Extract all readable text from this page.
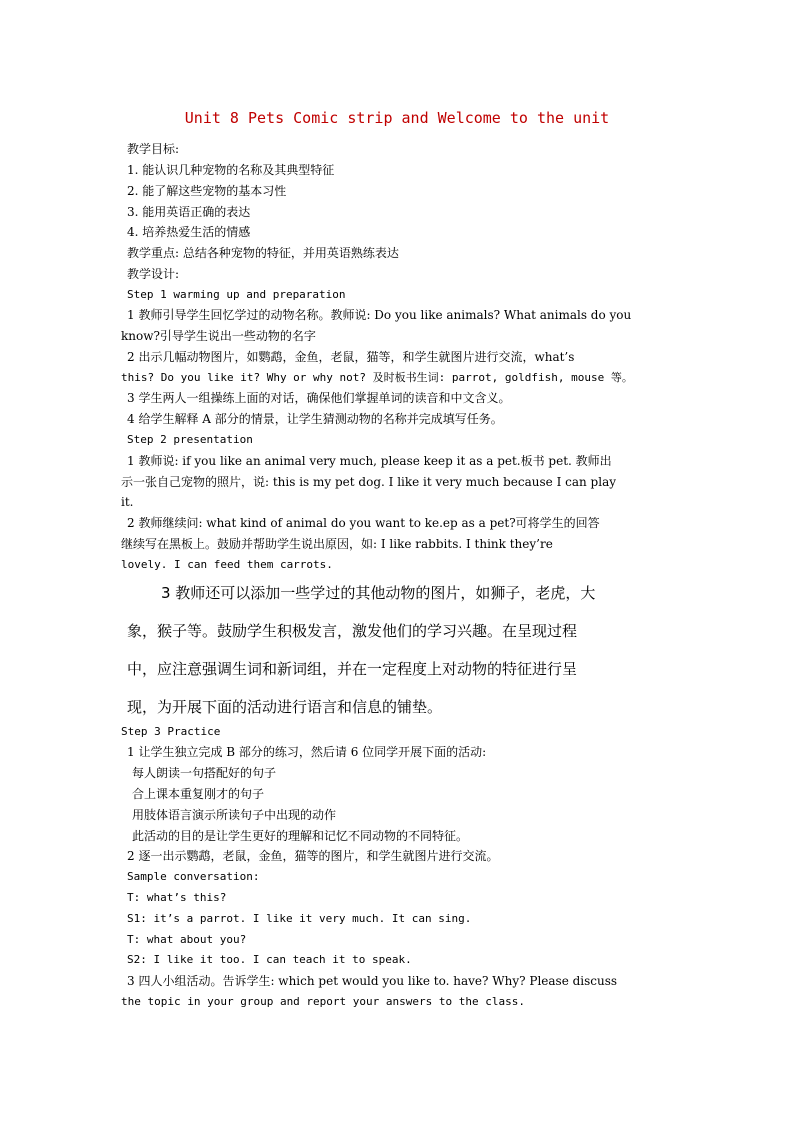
Unit 8 Pets Comic strip and Welcome to the unit
教学目标:
1. 能认识几种宠物的名称及其典型特征
2. 能了解这些宠物的基本习性
3. 能用英语正确的表达
4. 培养热爱生活的情感
教学重点: 总结各种宠物的特征，并用英语熟练表达
教学设计:
Step 1 warming up and preparation
1 教师引导学生回忆学过的动物名称。教师说: Do you like animals? What animals do you
know?引导学生说出一些动物的名字
2 出示几幅动物图片，如鹦鹉，金鱼，老鼠，猫等，和学生就图片进行交流，what’s
this? Do you like it? Why or why not? 及时板书生词: parrot, goldfish, mouse 等。
3 学生两人一组操练上面的对话，确保他们掌握单词的读音和中文含义。
4 给学生解释 A 部分的情景，让学生猜测动物的名称并完成填写任务。
Step 2 presentation
1 教师说: if you like an animal very much, please keep it as a pet.板书 pet. 教师出
示一张自己宠物的照片，说: this is my pet dog. I like it very much because I can play
it.
2 教师继续问: what kind of animal do you want to ke.ep as a pet?可将学生的回答
继续写在黑板上。鼓励并帮助学生说出原因，如: I like rabbits. I think they’re
lovely. I can feed them carrots.
3 教师还可以添加一些学过的其他动物的图片，如狮子，老虎，大
象，猴子等。鼓励学生积极发言，激发他们的学习兴趣。在呈现过程
中，应注意强调生词和新词组，并在一定程度上对动物的特征进行呈
现，为开展下面的活动进行语言和信息的铺垫。
Step 3 Practice
1 让学生独立完成 B 部分的练习，然后请 6 位同学开展下面的活动:
每人朗读一句搭配好的句子
合上课本重复刚才的句子
用肢体语言演示所读句子中出现的动作
此活动的目的是让学生更好的理解和记忆不同动物的不同特征。
2 逐一出示鹦鹉，老鼠，金鱼，猫等的图片，和学生就图片进行交流。
Sample conversation:
T: what’s this?
S1: it’s a parrot. I like it very much. It can sing.
T: what about you?
S2: I like it too. I can teach it to speak.
3 四人小组活动。告诉学生: which pet would you like to. have? Why? Please discuss
the topic in your group and report your answers to the class.
